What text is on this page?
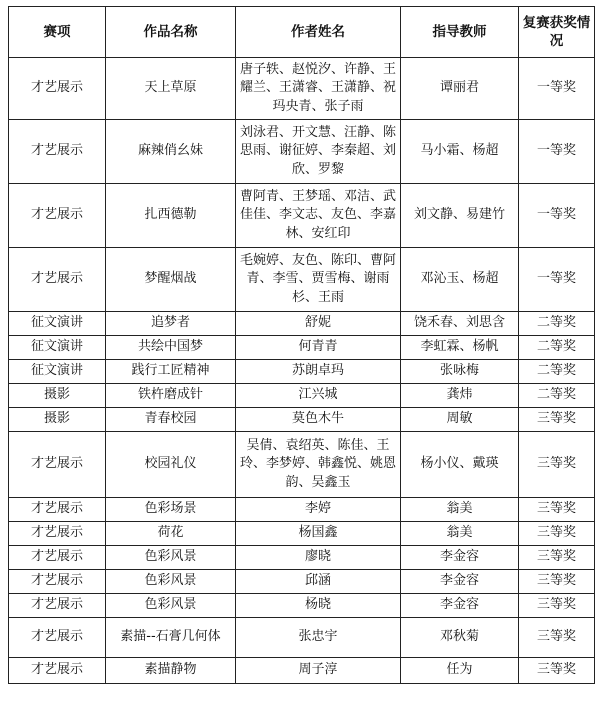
赛项	作品名称	作者姓名	指导教师	复赛获奖情况
才艺展示	天上草原	唐子轶、赵悦汐、许静、王耀兰、王潇睿、王潇静、祝玛央青、张子雨	谭丽君	一等奖
才艺展示	麻辣俏幺妹	刘泳君、开文慧、汪静、陈思雨、谢征婷、李秦超、刘欣、罗黎	马小霜、杨超	一等奖
才艺展示	扎西德勒	曹阿青、王梦瑶、邓洁、武佳佳、李文志、友色、李嘉林、安红印	刘文静、易建竹	一等奖
才艺展示	梦醒烟战	毛婉婷、友色、陈印、曹阿青、李雪、贾雪梅、谢雨杉、王雨	邓沁玉、杨超	一等奖
征文演讲	追梦者	舒妮	饶禾春、刘思含	二等奖
征文演讲	共绘中国梦	何青青	李虹霖、杨帆	二等奖
征文演讲	践行工匠精神	苏朗卓玛	张咏梅	二等奖
摄影	铁杵磨成针	江兴城	龚炜	二等奖
摄影	青春校园	莫色木牛	周敏	三等奖
才艺展示	校园礼仪	吴倩、袁绍英、陈佳、王玲、李梦婷、韩鑫悦、姚恩韵、吴鑫玉	杨小仪、戴瑛	三等奖
才艺展示	色彩场景	李婷	翁美	三等奖
才艺展示	荷花	杨国鑫	翁美	三等奖
才艺展示	色彩风景	廖晓	李金容	三等奖
才艺展示	色彩风景	邱涵	李金容	三等奖
才艺展示	色彩风景	杨晓	李金容	三等奖
才艺展示	素描--石膏几何体	张忠宇	邓秋菊	三等奖
才艺展示	素描静物	周子淳	任为	三等奖
